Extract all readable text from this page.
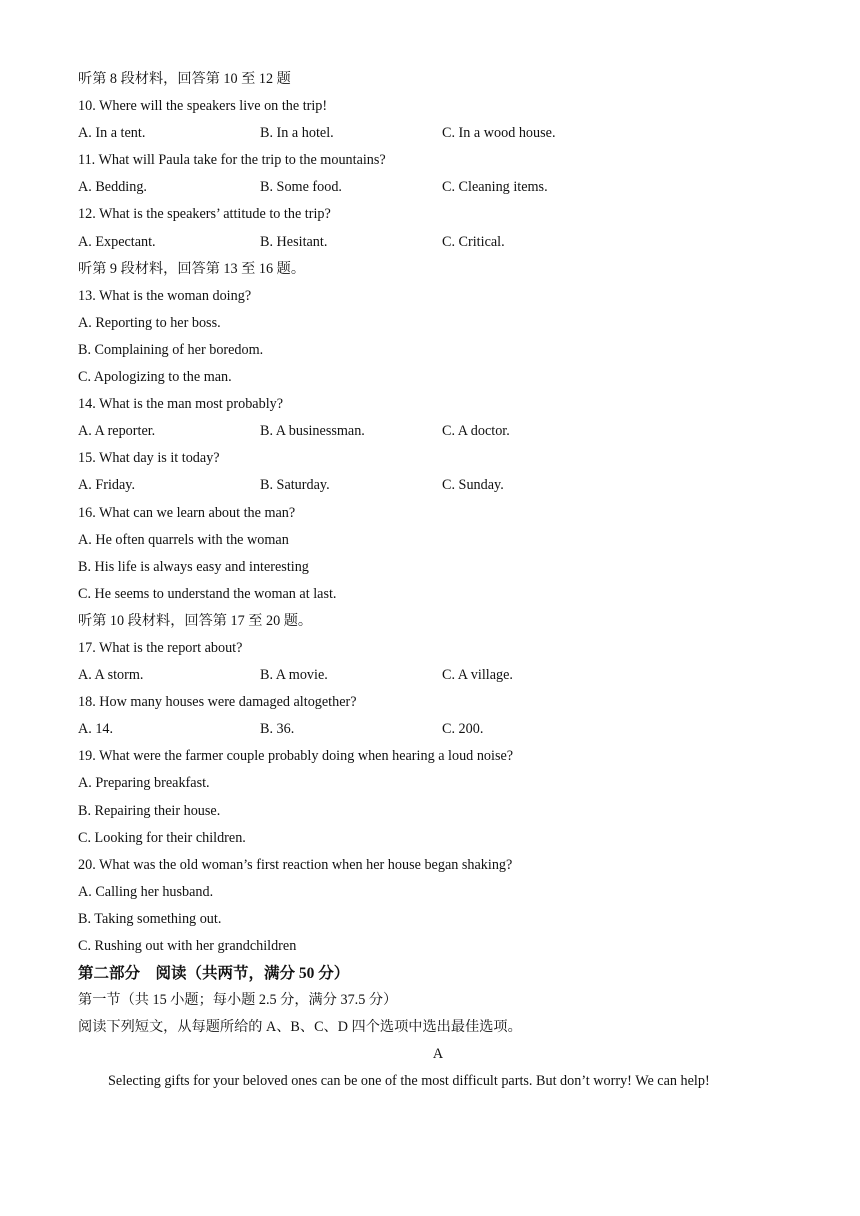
听第 8 段材料，回答第 10 至 12 题
10. Where will the speakers live on the trip!
A. In a tent.	B. In a hotel.	C. In a wood house.
11. What will Paula take for the trip to the mountains?
A. Bedding.	B. Some food.	C. Cleaning items.
12. What is the speakers’ attitude to the trip?
A. Expectant.	B. Hesitant.	C. Critical.
听第 9 段材料，回答第 13 至 16 题。
13. What is the woman doing?
A. Reporting to her boss.
B. Complaining of her boredom.
C. Apologizing to the man.
14. What is the man most probably?
A. A reporter.	B. A businessman.	C. A doctor.
15. What day is it today?
A. Friday.	B. Saturday.	C. Sunday.
16. What can we learn about the man?
A. He often quarrels with the woman
B. His life is always easy and interesting
C. He seems to understand the woman at last.
听第 10 段材料，回答第 17 至 20 题。
17. What is the report about?
A. A storm.	B. A movie.	C. A village.
18. How many houses were damaged altogether?
A. 14.	B. 36.	C. 200.
19. What were the farmer couple probably doing when hearing a loud noise?
A. Preparing breakfast.
B. Repairing their house.
C. Looking for their children.
20. What was the old woman’s first reaction when her house began shaking?
A. Calling her husband.
B. Taking something out.
C. Rushing out with her grandchildren
第二部分　阅读（共两节，满分 50 分）
第一节（共 15 小题；每小题 2.5 分，满分 37.5 分）
阅读下列短文，从每题所给的 A、B、C、D 四个选项中选出最佳选项。
A
Selecting gifts for your beloved ones can be one of the most difficult parts. But don’t worry! We can help!
